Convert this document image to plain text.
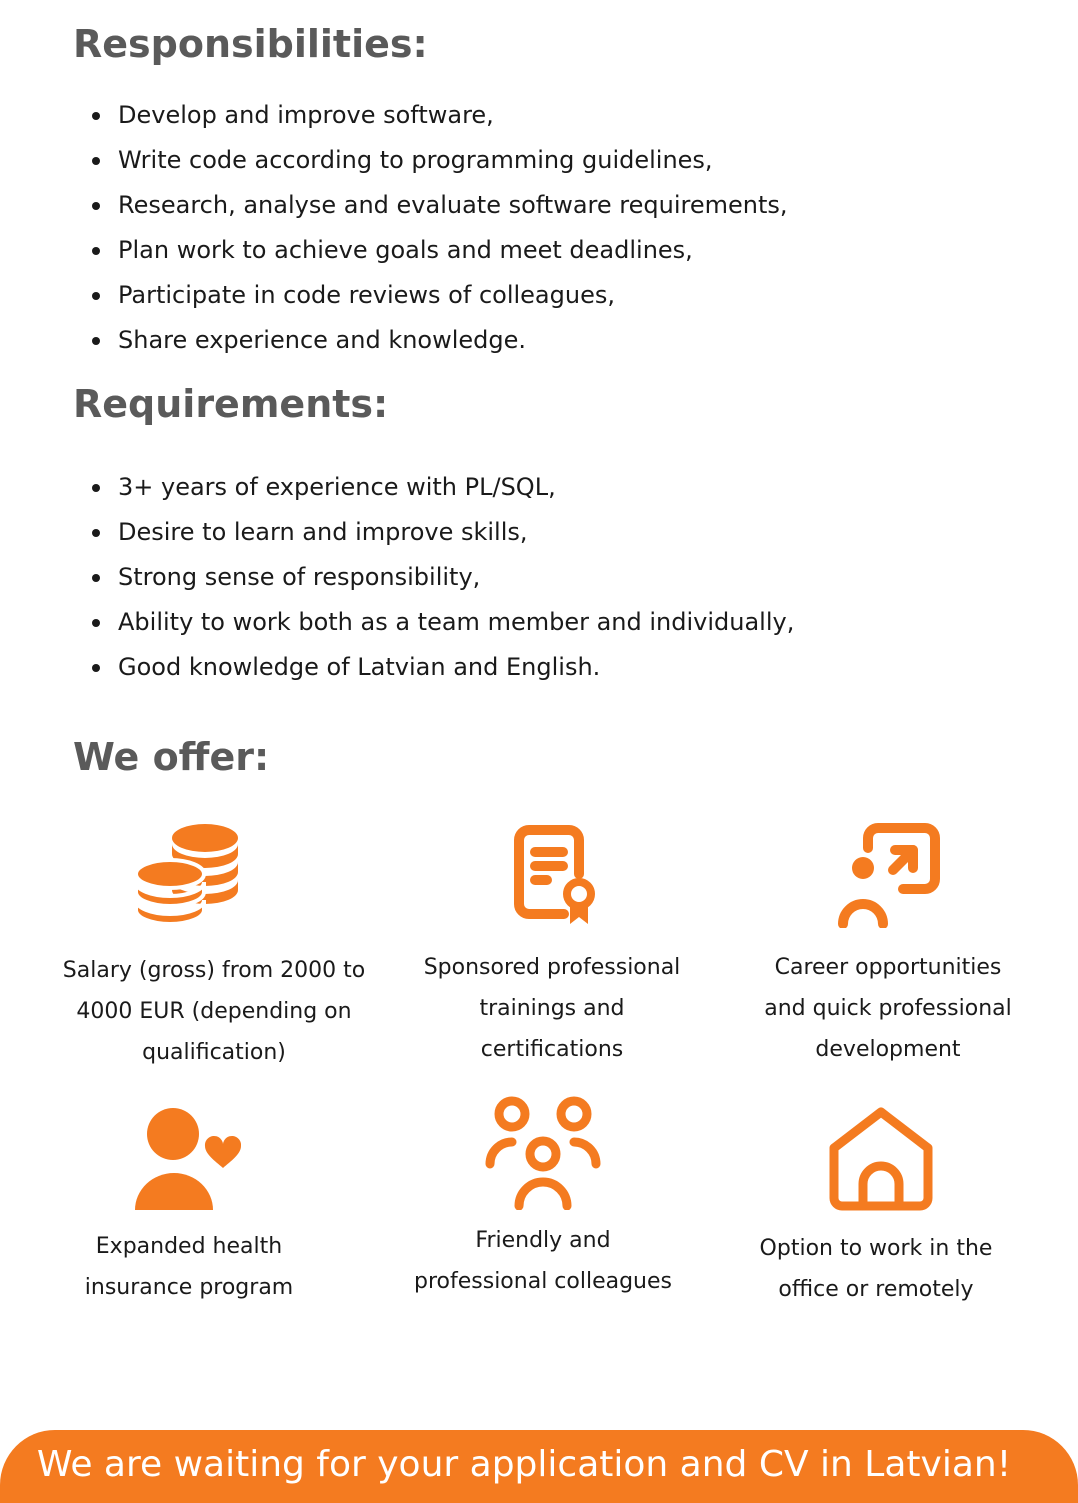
Responsibilities:
Develop and improve software,
Write code according to programming guidelines,
Research, analyse and evaluate software requirements,
Plan work to achieve goals and meet deadlines,
Participate in code reviews of colleagues,
Share experience and knowledge.
Requirements:
3+ years of experience with PL/SQL,
Desire to learn and improve skills,
Strong sense of responsibility,
Ability to work both as a team member and individually,
Good knowledge of Latvian and English.
We offer:
Salary (gross) from 2000 to
4000 EUR (depending on
qualification)
Sponsored professional
trainings and
certifications
Career opportunities
and quick professional
development
Expanded health
insurance program
Friendly and
professional colleagues
Option to work in the
office or remotely
We are waiting for your application and CV in Latvian!
